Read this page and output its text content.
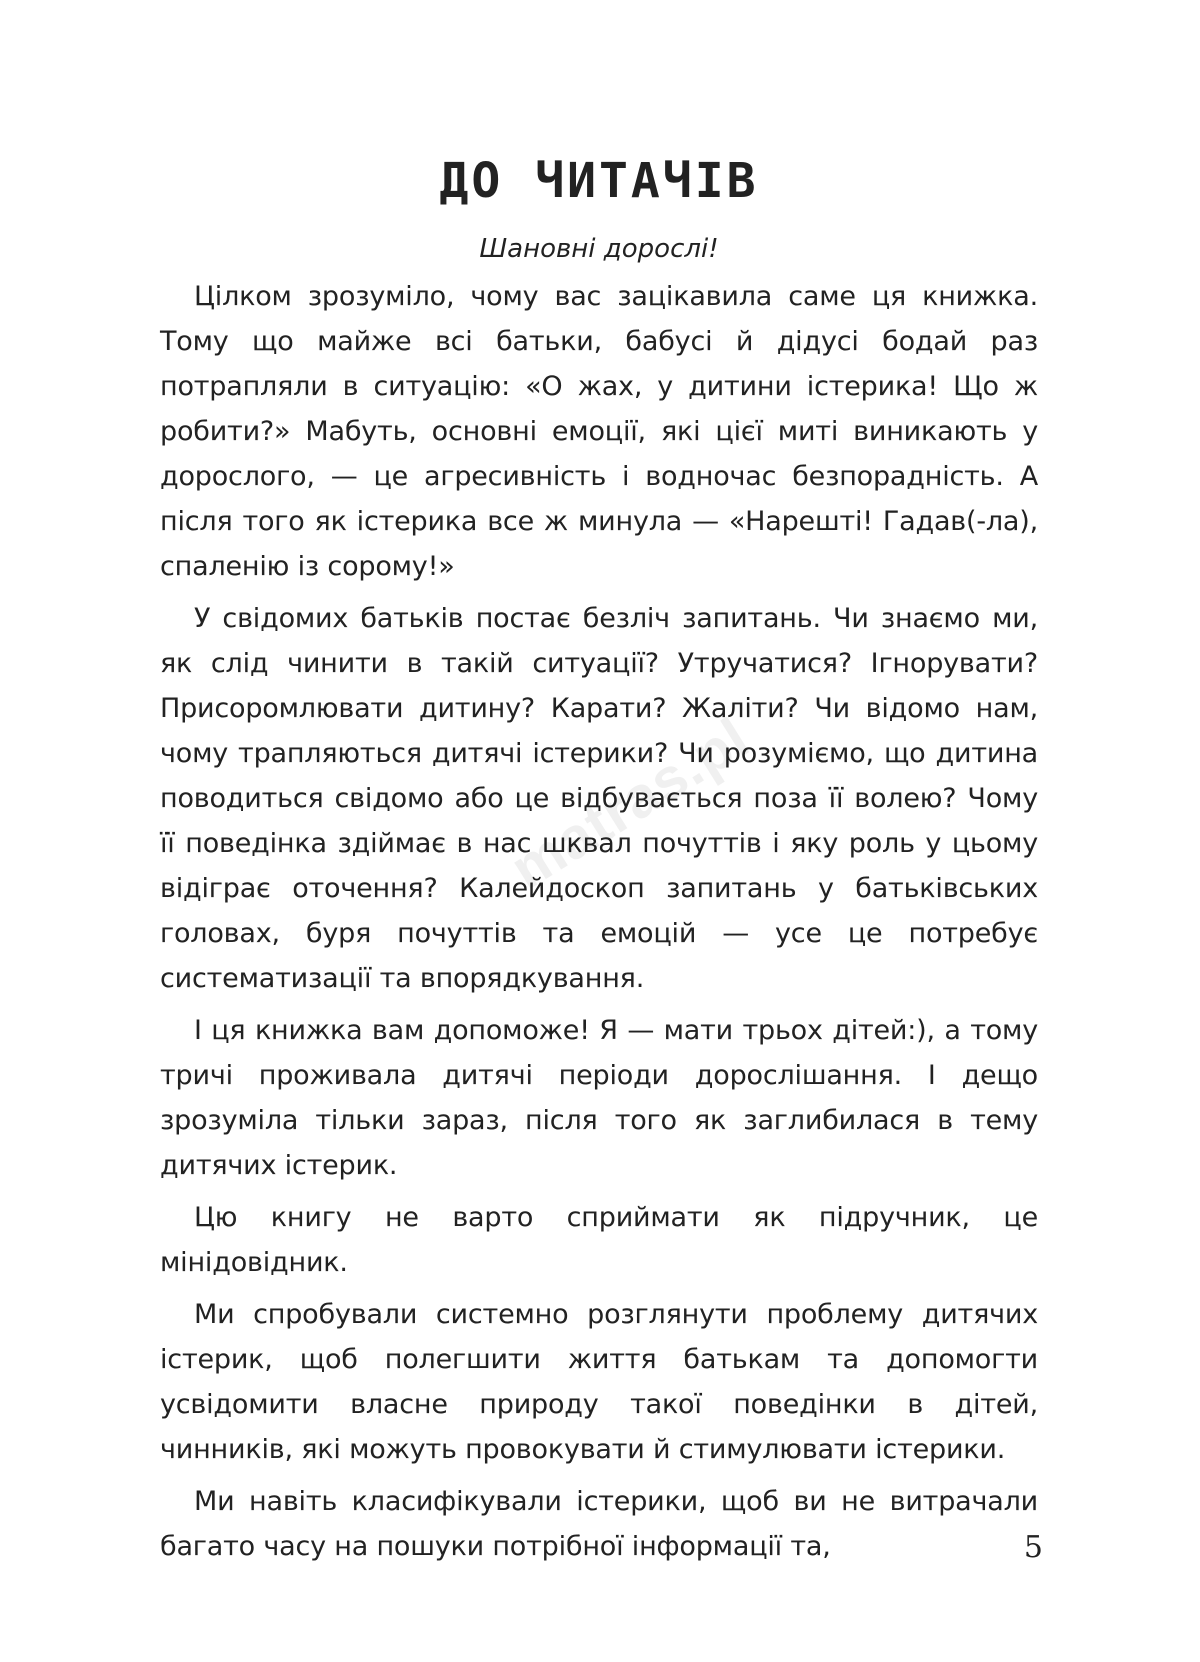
matras.pl
ДО ЧИТАЧІВ
Шановні дорослі!

Цілком зрозуміло, чому вас зацікавила саме ця книжка. Тому що майже всі батьки, бабусі й дідусі бодай раз потрапляли в ситуацію: «О жах, у дитини істерика! Що ж робити?» Мабуть, основні емоції, які цієї миті виникають у дорослого, — це агресивність і водночас безпорадність. А після того як істерика все ж минула — «Нарешті! Гадав(-ла), спаленію із сорому!»

У свідомих батьків постає безліч запитань. Чи знаємо ми, як слід чинити в такій ситуації? Утручатися? Ігнорувати? Присоромлювати дитину? Карати? Жаліти? Чи відомо нам, чому трапляються дитячі істерики? Чи розуміємо, що дитина поводиться свідомо або це відбувається поза її волею? Чому її поведінка здіймає в нас шквал почуттів і яку роль у цьому відіграє оточення? Калейдоскоп запитань у батьківських головах, буря почуттів та емоцій — усе це потребує систематизації та впорядкування.

І ця книжка вам допоможе! Я — мати трьох дітей:), а тому тричі проживала дитячі періоди дорослішання. І дещо зрозуміла тільки зараз, після того як заглибилася в тему дитячих істерик.

Цю книгу не варто сприймати як підручник, це мінідовідник.

Ми спробували системно розглянути проблему дитячих істерик, щоб полегшити життя батькам та допомогти усвідомити власне природу такої поведінки в дітей, чинників, які можуть провокувати й стимулювати істерики.

Ми навіть класифікували істерики, щоб ви не витрачали багато часу на пошуки потрібної інформації та,	5
